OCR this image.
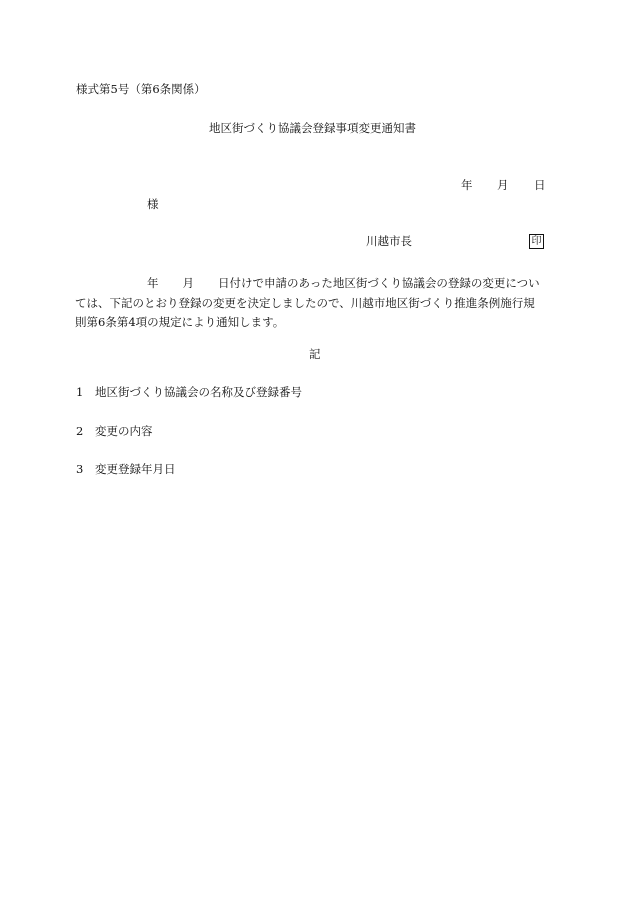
様式第5号（第6条関係）
地区街づくり協議会登録事項変更通知書
年 月 日
様
川越市長	印
年 月 日付けで申請のあった地区街づくり協議会の登録の変更につい
ては、下記のとおり登録の変更を決定しましたので、川越市地区街づくり推進条例施行規
則第6条第4項の規定により通知します。
記
1 地区街づくり協議会の名称及び登録番号
2 変更の内容
3 変更登録年月日
